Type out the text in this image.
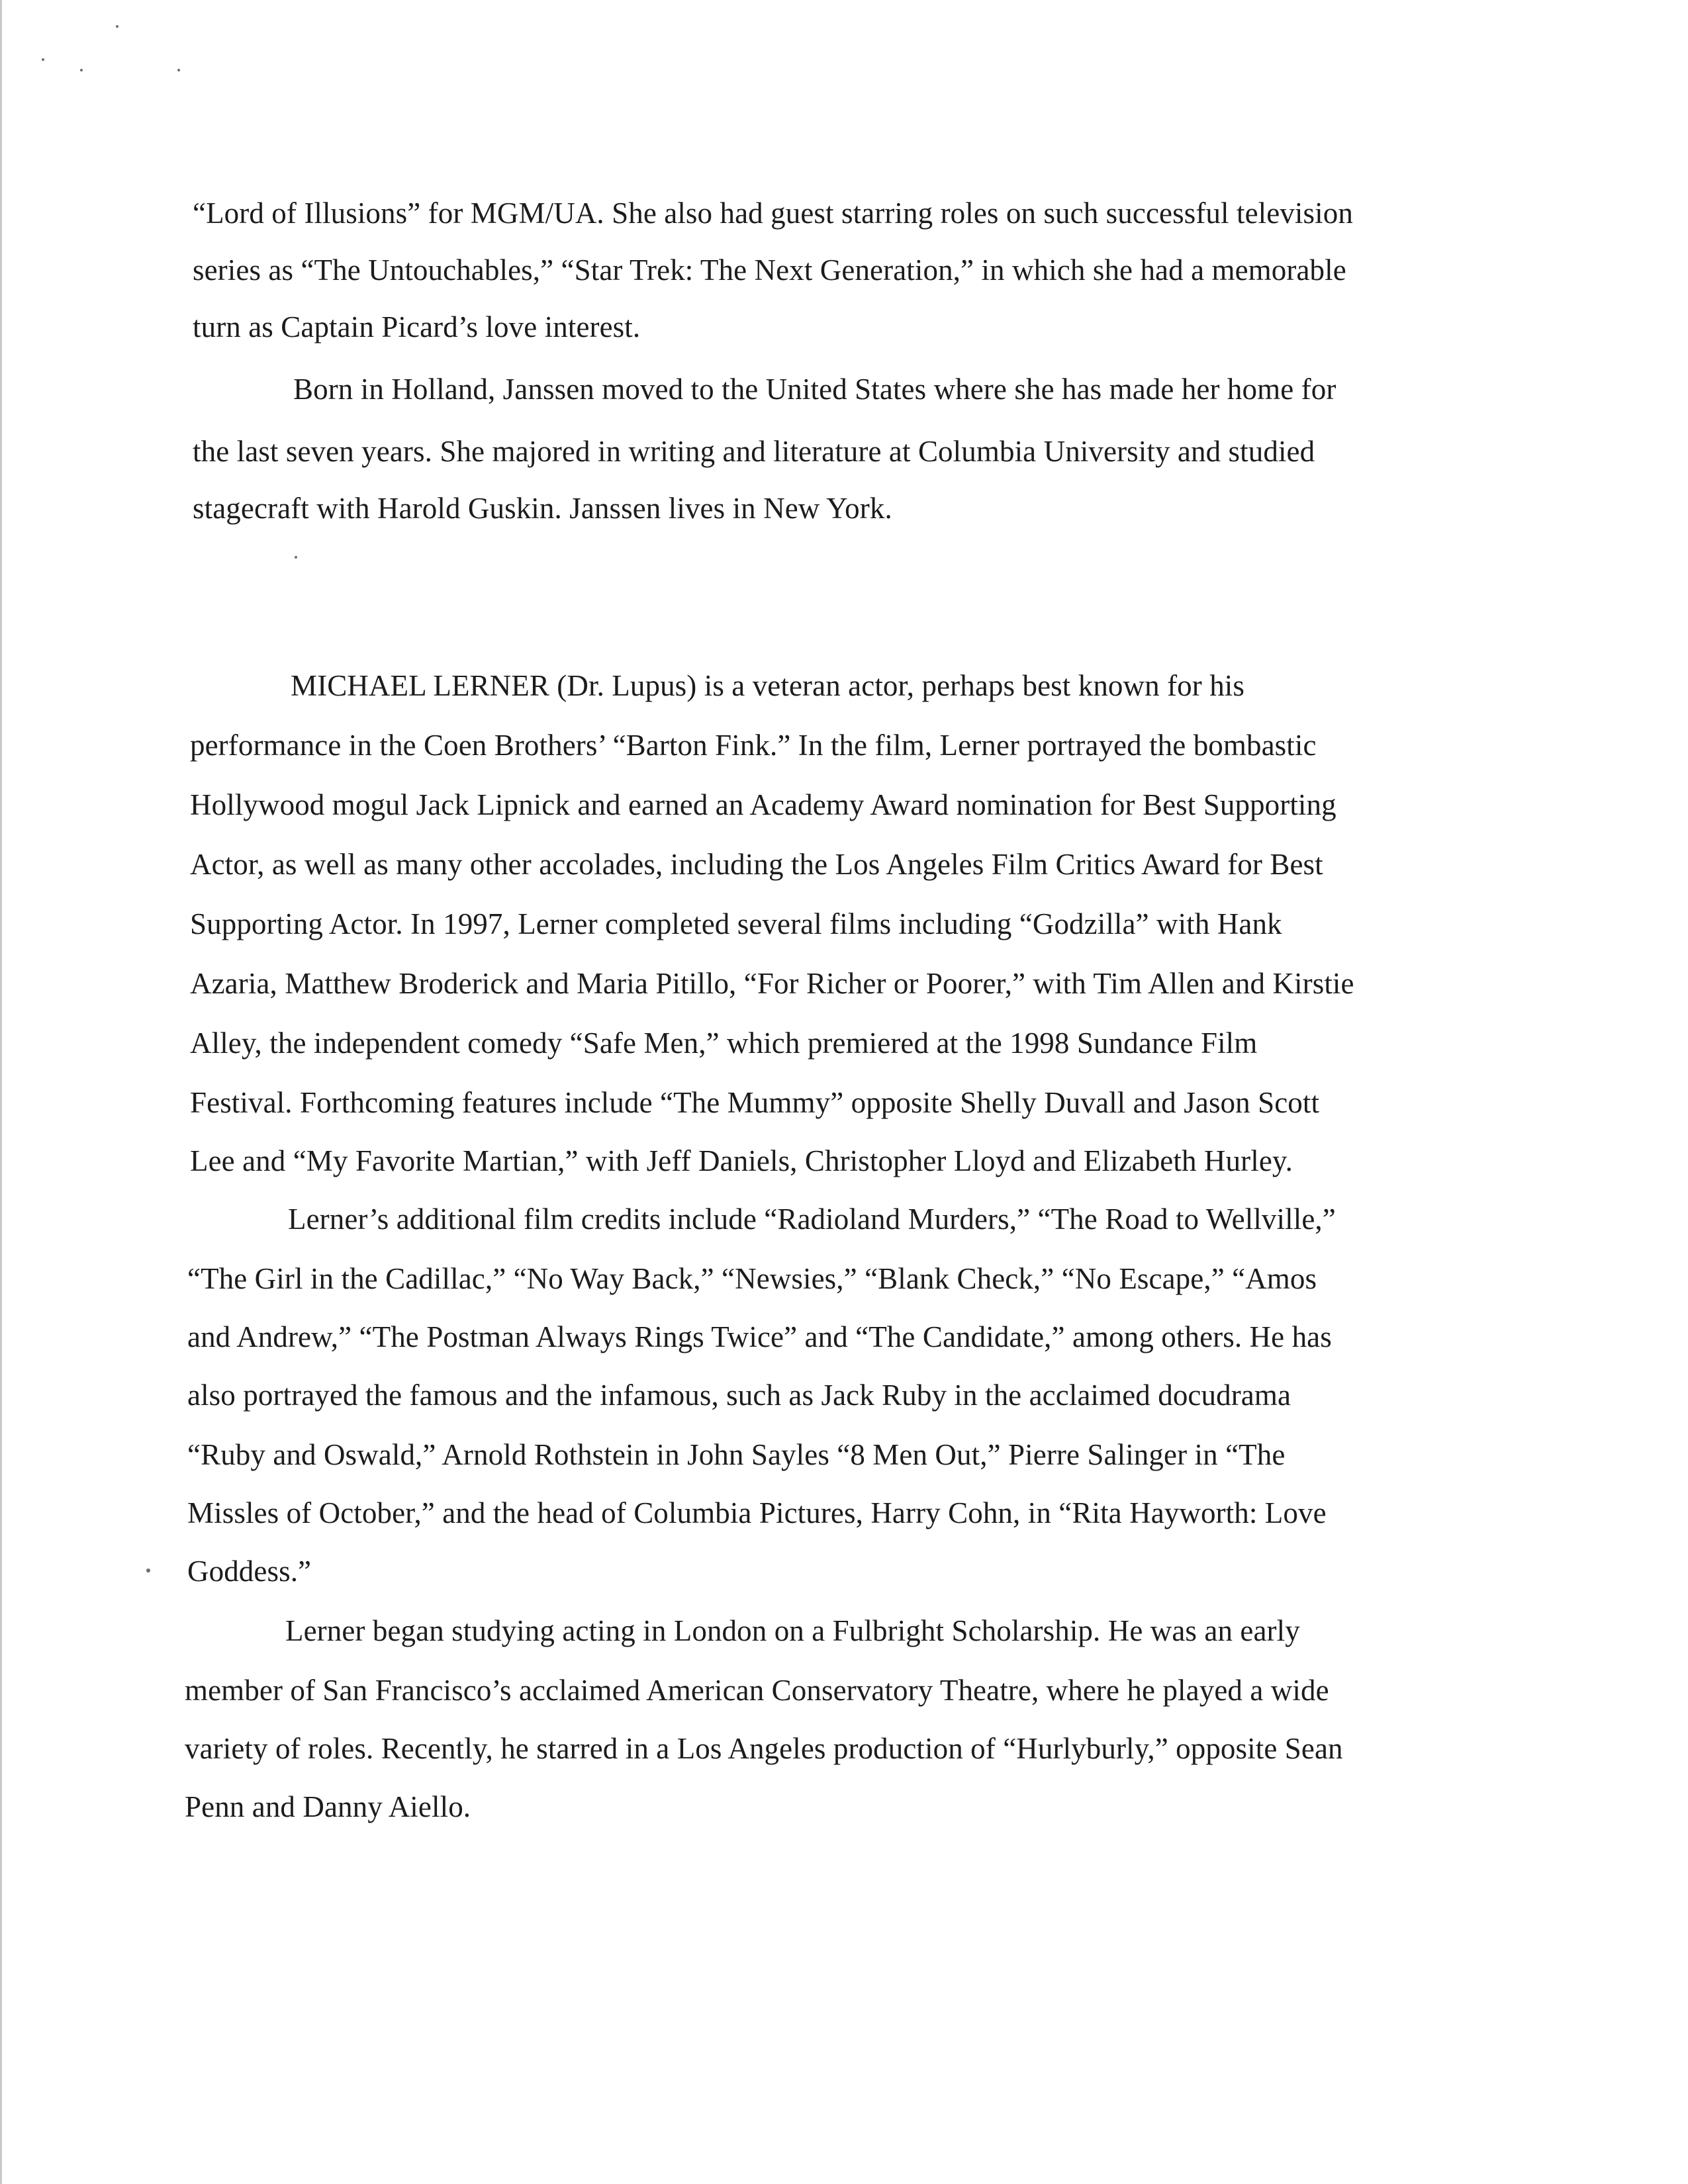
“Lord of Illusions” for MGM/UA. She also had guest starring roles on such successful television

series as “The Untouchables,” “Star Trek: The Next Generation,” in which she had a memorable

turn as Captain Picard’s love interest.

Born in Holland, Janssen moved to the United States where she has made her home for

the last seven years. She majored in writing and literature at Columbia University and studied

stagecraft with Harold Guskin. Janssen lives in New York.

MICHAEL LERNER (Dr. Lupus) is a veteran actor, perhaps best known for his

performance in the Coen Brothers’ “Barton Fink.” In the film, Lerner portrayed the bombastic

Hollywood mogul Jack Lipnick and earned an Academy Award nomination for Best Supporting

Actor, as well as many other accolades, including the Los Angeles Film Critics Award for Best

Supporting Actor. In 1997, Lerner completed several films including “Godzilla” with Hank

Azaria, Matthew Broderick and Maria Pitillo, “For Richer or Poorer,” with Tim Allen and Kirstie

Alley, the independent comedy “Safe Men,” which premiered at the 1998 Sundance Film

Festival. Forthcoming features include “The Mummy” opposite Shelly Duvall and Jason Scott

Lee and “My Favorite Martian,” with Jeff Daniels, Christopher Lloyd and Elizabeth Hurley.

Lerner’s additional film credits include “Radioland Murders,” “The Road to Wellville,”

“The Girl in the Cadillac,” “No Way Back,” “Newsies,” “Blank Check,” “No Escape,” “Amos

and Andrew,” “The Postman Always Rings Twice” and “The Candidate,” among others. He has

also portrayed the famous and the infamous, such as Jack Ruby in the acclaimed docudrama

“Ruby and Oswald,” Arnold Rothstein in John Sayles “8 Men Out,” Pierre Salinger in “The

Missles of October,” and the head of Columbia Pictures, Harry Cohn, in “Rita Hayworth: Love

Goddess.”

Lerner began studying acting in London on a Fulbright Scholarship. He was an early

member of San Francisco’s acclaimed American Conservatory Theatre, where he played a wide

variety of roles. Recently, he starred in a Los Angeles production of “Hurlyburly,” opposite Sean

Penn and Danny Aiello.
